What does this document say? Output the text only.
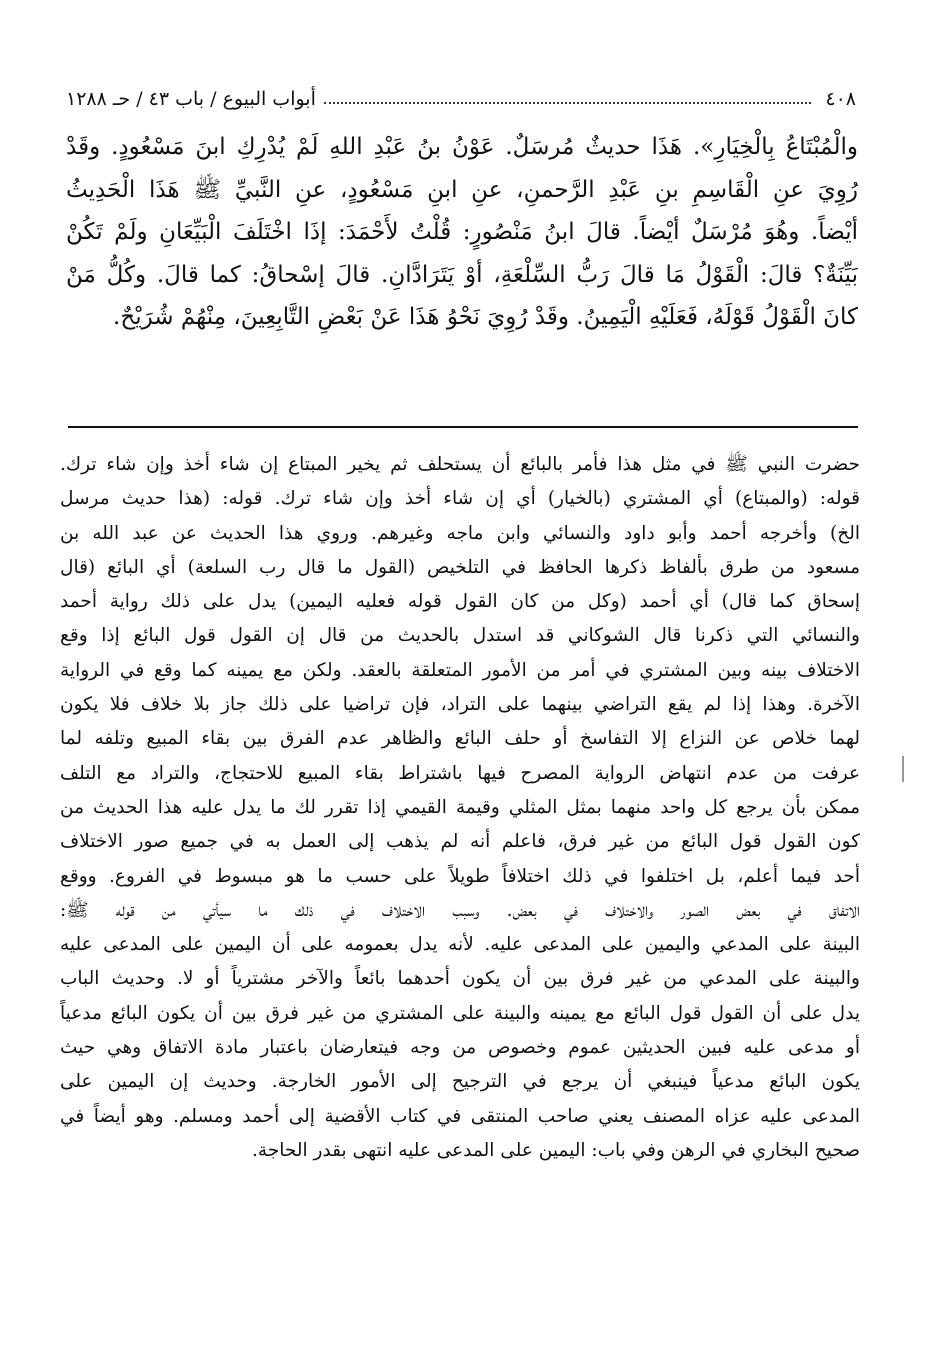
٤٠٨
أبواب البيوع / باب ٤٣ / حـ ١٢٨٨
والْمُبْتَاعُ بِالْخِيَارِ». هَذَا حديثٌ مُرسَلٌ. عَوْنُ بنُ عَبْدِ اللهِ لَمْ يُدْرِكِ ابنَ مَسْعُودٍ. وقَدْ
رُوِيَ عنِ الْقَاسِمِ بنِ عَبْدِ الرَّحمنِ، عنِ ابنِ مَسْعُودٍ، عنِ النَّبيِّ ﷺ هَذَا الْحَدِيثُ
أيْضاً. وهُوَ مُرْسَلٌ أيْضاً. قالَ ابنُ مَنْصُورٍ: قُلْتُ لأَحْمَدَ: إذَا اخْتَلَفَ الْبَيِّعَانِ ولَمْ تَكُنْ
بَيِّنَةٌ؟ قالَ: الْقَوْلُ مَا قالَ رَبُّ السِّلْعَةِ، أوْ يَتَرَادَّانِ. قالَ إسْحاقُ: كما قالَ. وكُلُّ مَنْ
كانَ الْقَوْلُ قَوْلَهُ، فَعَلَيْهِ الْيَمِينُ. وقَدْ رُوِيَ نَحْوُ هَذَا عَنْ بَعْضِ التَّابِعِينَ، مِنْهُمْ شُرَيْحٌ.
حضرت النبي ﷺ في مثل هذا فأمر بالبائع أن يستحلف ثم يخير المبتاع إن شاء أخذ وإن شاء ترك.
قوله: (والمبتاع) أي المشتري (بالخيار) أي إن شاء أخذ وإن شاء ترك. قوله: (هذا حديث مرسل
الخ) وأخرجه أحمد وأبو داود والنسائي وابن ماجه وغيرهم. وروي هذا الحديث عن عبد الله بن
مسعود من طرق بألفاظ ذكرها الحافظ في التلخيص (القول ما قال رب السلعة) أي البائع (قال
إسحاق كما قال) أي أحمد (وكل من كان القول قوله فعليه اليمين) يدل على ذلك رواية أحمد
والنسائي التي ذكرنا قال الشوكاني قد استدل بالحديث من قال إن القول قول البائع إذا وقع
الاختلاف بينه وبين المشتري في أمر من الأمور المتعلقة بالعقد. ولكن مع يمينه كما وقع في الرواية
الآخرة. وهذا إذا لم يقع التراضي بينهما على التراد، فإن تراضيا على ذلك جاز بلا خلاف فلا يكون
لهما خلاص عن النزاع إلا التفاسخ أو حلف البائع والظاهر عدم الفرق بين بقاء المبيع وتلفه لما
عرفت من عدم انتهاض الرواية المصرح فيها باشتراط بقاء المبيع للاحتجاج، والتراد مع التلف
ممكن بأن يرجع كل واحد منهما بمثل المثلي وقيمة القيمي إذا تقرر لك ما يدل عليه هذا الحديث من
كون القول قول البائع من غير فرق، فاعلم أنه لم يذهب إلى العمل به في جميع صور الاختلاف
أحد فيما أعلم، بل اختلفوا في ذلك اختلافاً طويلاً على حسب ما هو مبسوط في الفروع. ووقع
الاتفاق في بعض الصور والاختلاف في بعض. وسبب الاختلاف في ذلك ما سيأتي من قوله ﷺ:
البينة على المدعي واليمين على المدعى عليه. لأنه يدل بعمومه على أن اليمين على المدعى عليه
والبينة على المدعي من غير فرق بين أن يكون أحدهما بائعاً والآخر مشترياً أو لا. وحديث الباب
يدل على أن القول قول البائع مع يمينه والبينة على المشتري من غير فرق بين أن يكون البائع مدعياً
أو مدعى عليه فبين الحديثين عموم وخصوص من وجه فيتعارضان باعتبار مادة الاتفاق وهي حيث
يكون البائع مدعياً فينبغي أن يرجع في الترجيح إلى الأمور الخارجة. وحديث إن اليمين على
المدعى عليه عزاه المصنف يعني صاحب المنتقى في كتاب الأقضية إلى أحمد ومسلم. وهو أيضاً في
صحيح البخاري في الرهن وفي باب: اليمين على المدعى عليه انتهى بقدر الحاجة.
